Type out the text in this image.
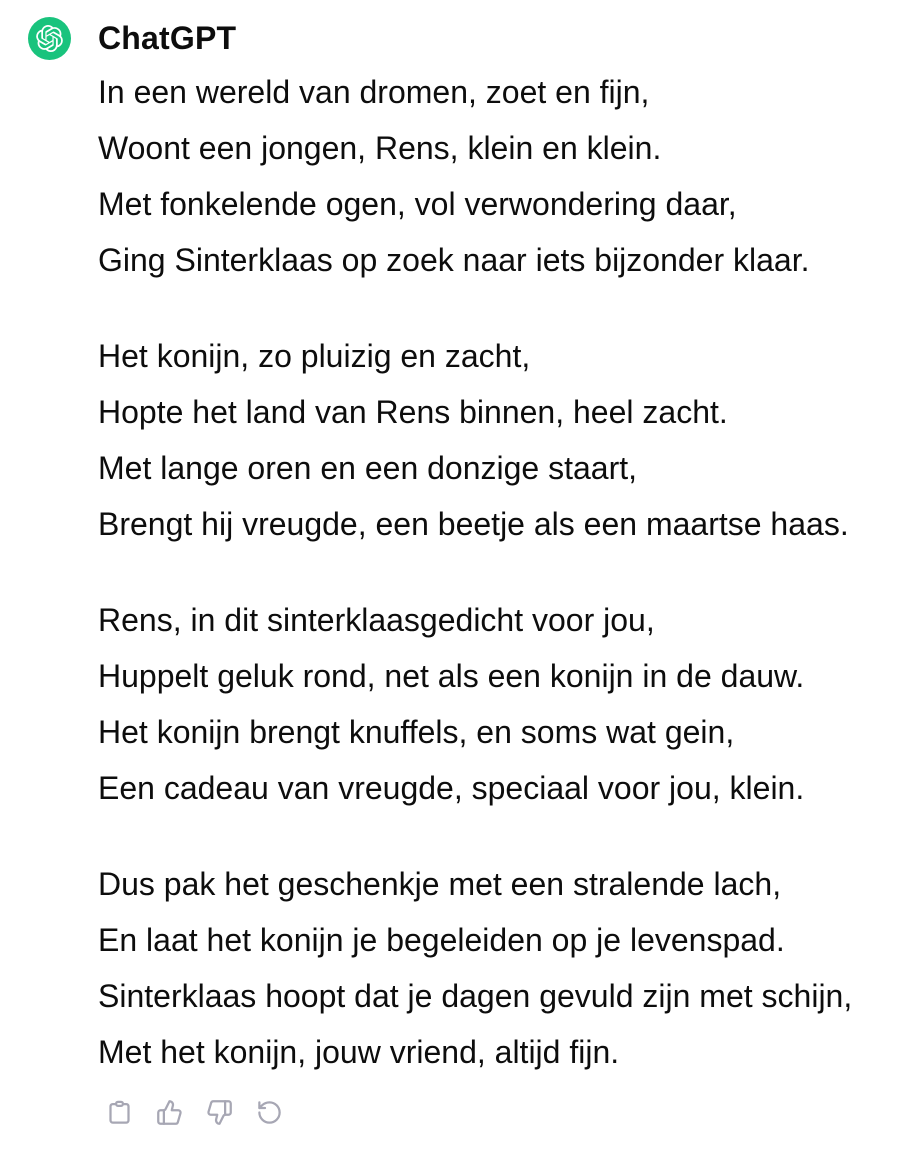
ChatGPT
In een wereld van dromen, zoet en fijn,
Woont een jongen, Rens, klein en klein.
Met fonkelende ogen, vol verwondering daar,
Ging Sinterklaas op zoek naar iets bijzonder klaar.
Het konijn, zo pluizig en zacht,
Hopte het land van Rens binnen, heel zacht.
Met lange oren en een donzige staart,
Brengt hij vreugde, een beetje als een maartse haas.
Rens, in dit sinterklaasgedicht voor jou,
Huppelt geluk rond, net als een konijn in de dauw.
Het konijn brengt knuffels, en soms wat gein,
Een cadeau van vreugde, speciaal voor jou, klein.
Dus pak het geschenkje met een stralende lach,
En laat het konijn je begeleiden op je levenspad.
Sinterklaas hoopt dat je dagen gevuld zijn met schijn,
Met het konijn, jouw vriend, altijd fijn.
